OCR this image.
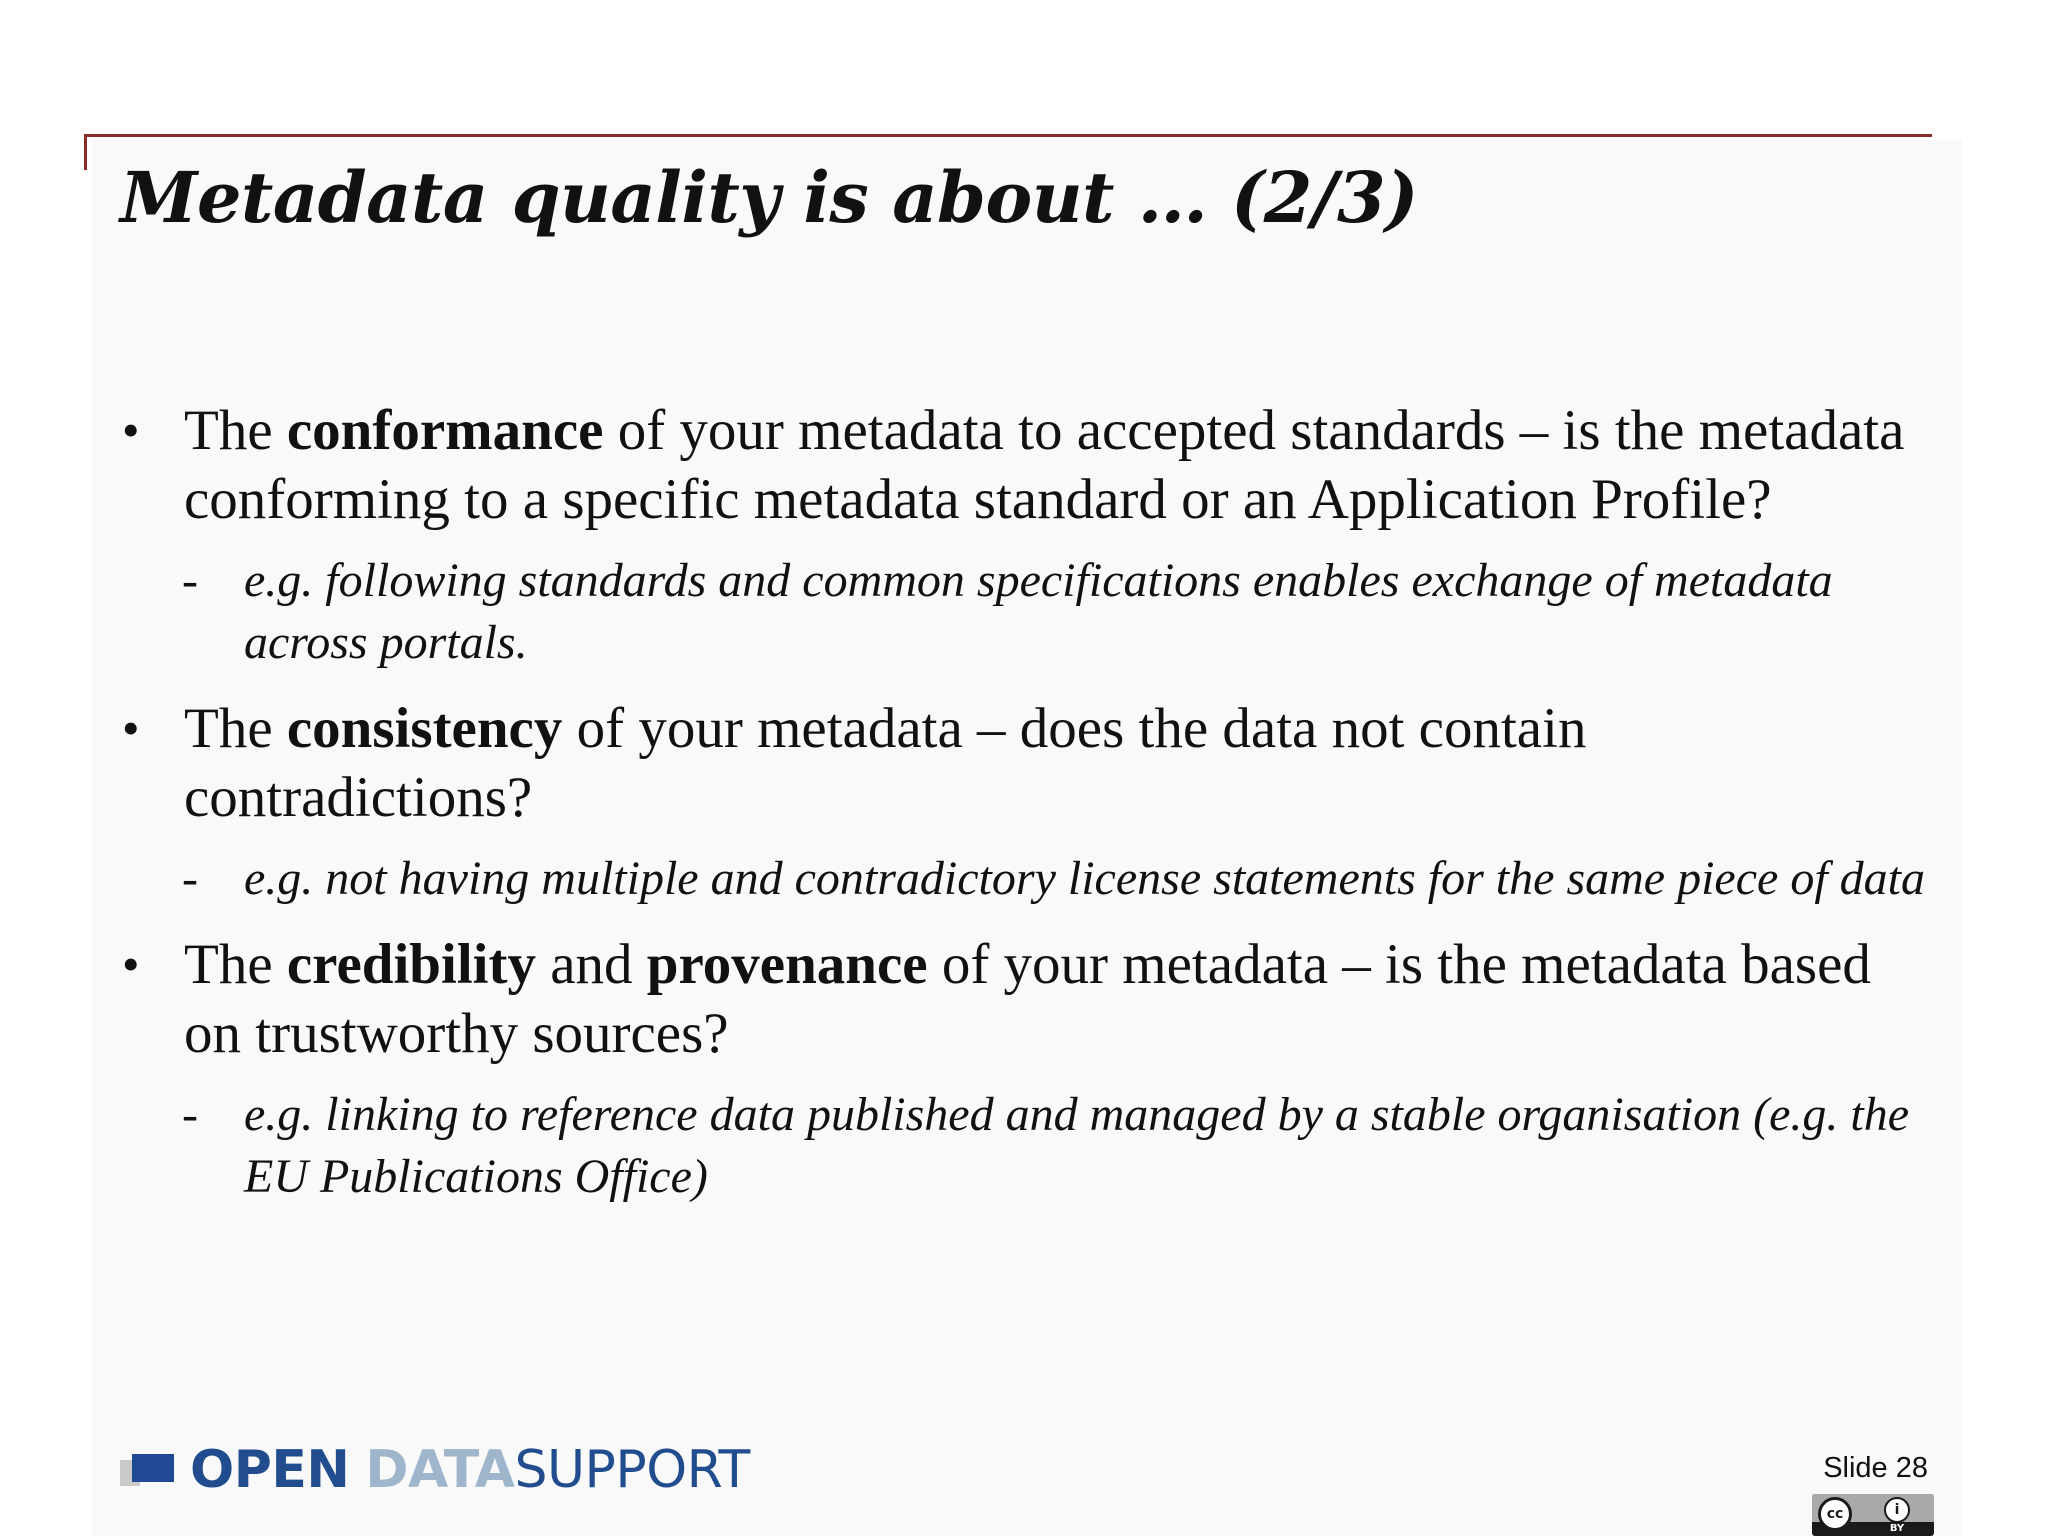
Metadata quality is about … (2/3)
• The conformance of your metadata to accepted standards – is the metadata conforming to a specific metadata standard or an Application Profile?
- e.g. following standards and common specifications enables exchange of metadata across portals.
• The consistency of your metadata – does the data not contain contradictions?
- e.g. not having multiple and contradictory license statements for the same piece of data
• The credibility and provenance of your metadata – is the metadata based on trustworthy sources?
- e.g. linking to reference data published and managed by a stable organisation (e.g. the EU Publications Office)
OPEN DATASUPPORT	Slide 28
cc	i
BY
